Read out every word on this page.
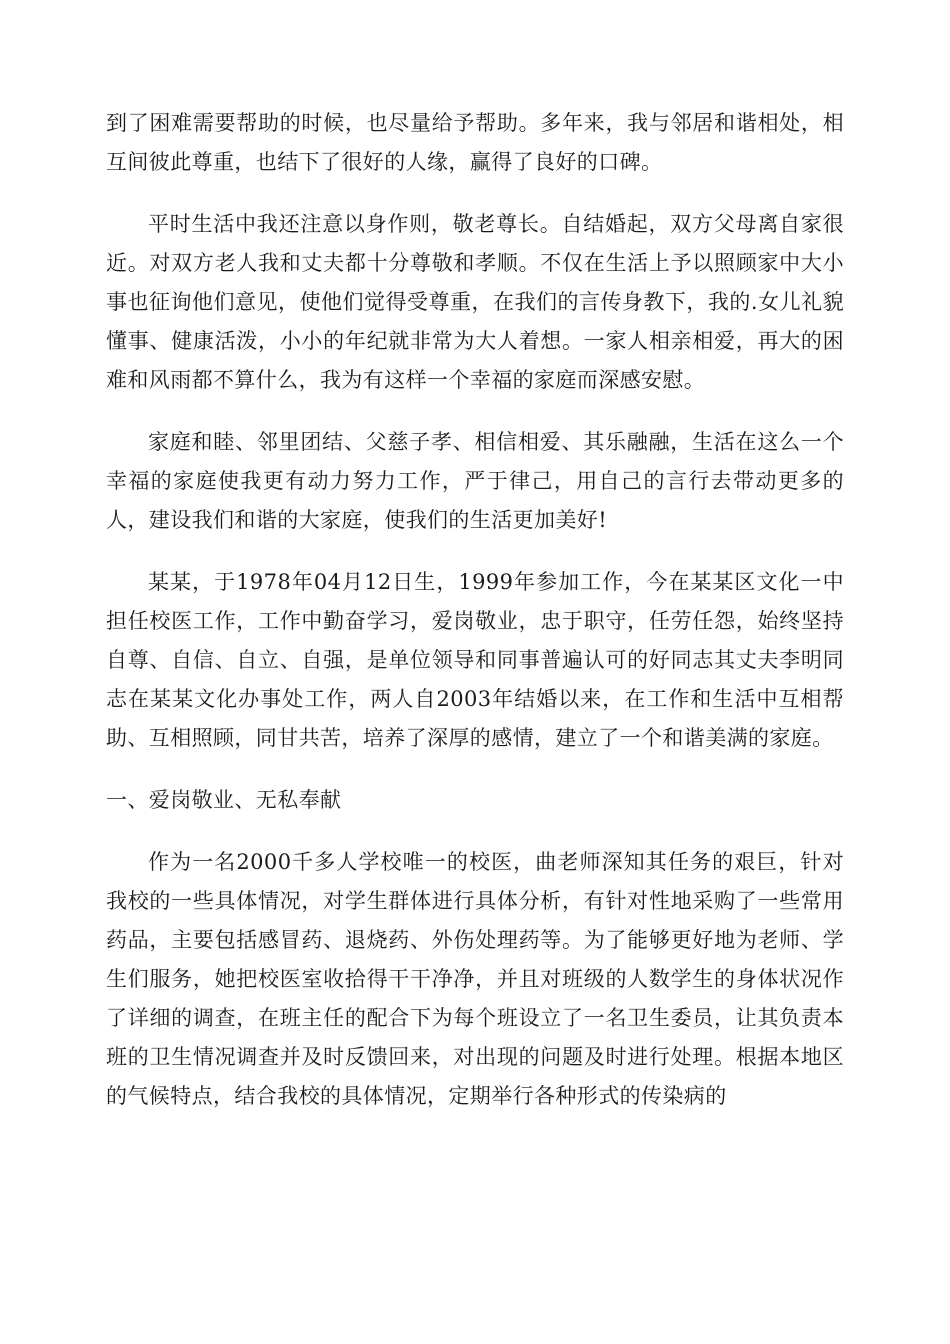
到了困难需要帮助的时候，也尽量给予帮助。多年来，我与邻居和谐相处，相互间彼此尊重，也结下了很好的人缘，赢得了良好的口碑。

平时生活中我还注意以身作则，敬老尊长。自结婚起，双方父母离自家很近。对双方老人我和丈夫都十分尊敬和孝顺。不仅在生活上予以照顾家中大小事也征询他们意见，使他们觉得受尊重，在我们的言传身教下，我的.女儿礼貌懂事、健康活泼，小小的年纪就非常为大人着想。一家人相亲相爱，再大的困难和风雨都不算什么，我为有这样一个幸福的家庭而深感安慰。

家庭和睦、邻里团结、父慈子孝、相信相爱、其乐融融，生活在这么一个幸福的家庭使我更有动力努力工作，严于律己，用自己的言行去带动更多的人，建设我们和谐的大家庭，使我们的生活更加美好!

某某，于1978年04月12日生，1999年参加工作，今在某某区文化一中担任校医工作，工作中勤奋学习，爱岗敬业，忠于职守，任劳任怨，始终坚持自尊、自信、自立、自强，是单位领导和同事普遍认可的好同志其丈夫李明同志在某某文化办事处工作，两人自2003年结婚以来，在工作和生活中互相帮助、互相照顾，同甘共苦，培养了深厚的感情，建立了一个和谐美满的家庭。

一、爱岗敬业、无私奉献

作为一名2000千多人学校唯一的校医，曲老师深知其任务的艰巨，针对我校的一些具体情况，对学生群体进行具体分析，有针对性地采购了一些常用药品，主要包括感冒药、退烧药、外伤处理药等。为了能够更好地为老师、学生们服务，她把校医室收拾得干干净净，并且对班级的人数学生的身体状况作了详细的调查，在班主任的配合下为每个班设立了一名卫生委员，让其负责本班的卫生情况调查并及时反馈回来，对出现的问题及时进行处理。根据本地区的气候特点，结合我校的具体情况，定期举行各种形式的传染病的
